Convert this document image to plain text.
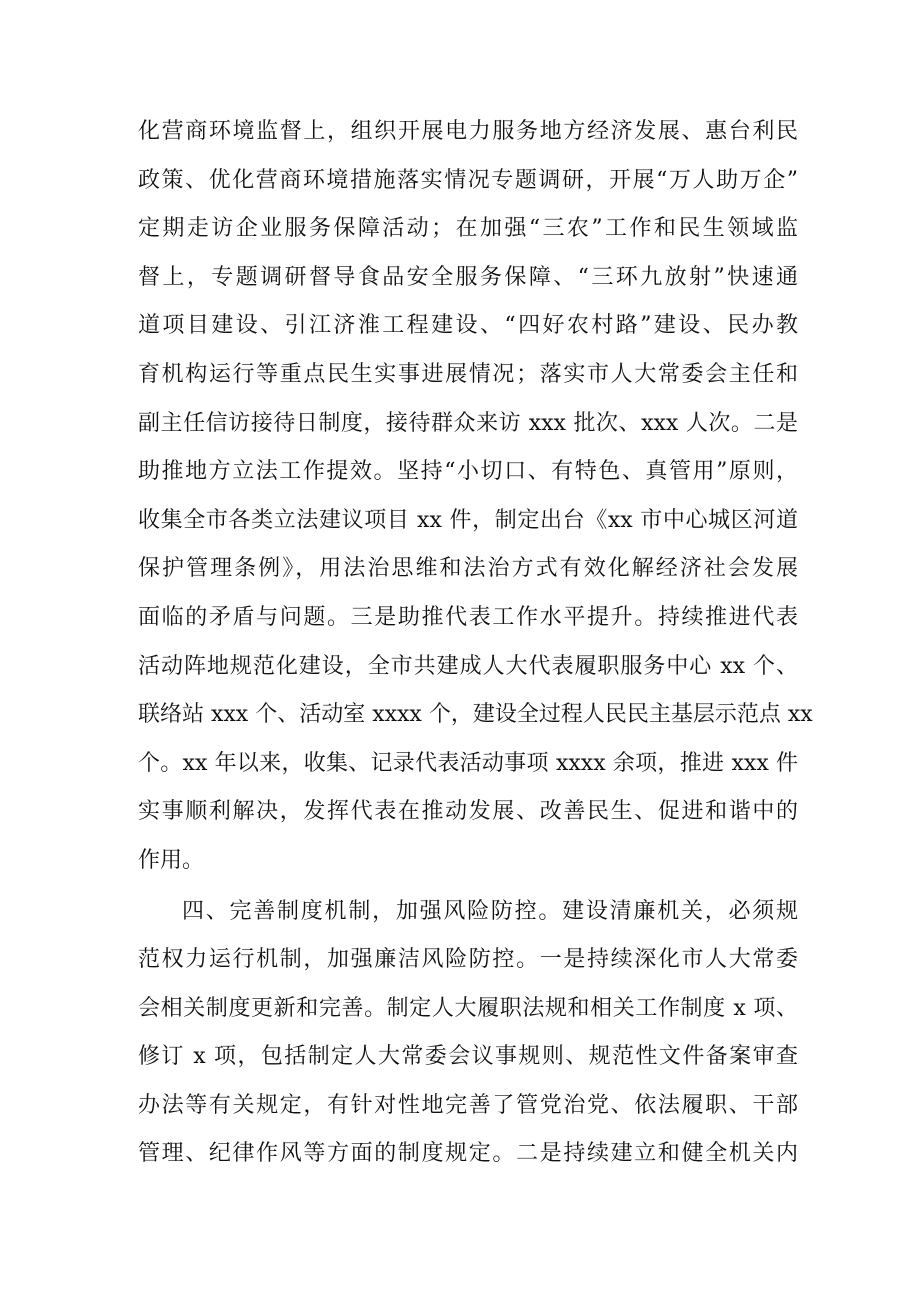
化营商环境监督上，组织开展电力服务地方经济发展、惠台利民
政策、优化营商环境措施落实情况专题调研，开展“万人助万企”
定期走访企业服务保障活动；在加强“三农”工作和民生领域监
督上，专题调研督导食品安全服务保障、“三环九放射”快速通
道项目建设、引江济淮工程建设、“四好农村路”建设、民办教
育机构运行等重点民生实事进展情况；落实市人大常委会主任和
副主任信访接待日制度，接待群众来访 xxx 批次、xxx 人次。二是
助推地方立法工作提效。坚持“小切口、有特色、真管用”原则，
收集全市各类立法建议项目 xx 件，制定出台《xx 市中心城区河道
保护管理条例》，用法治思维和法治方式有效化解经济社会发展
面临的矛盾与问题。三是助推代表工作水平提升。持续推进代表
活动阵地规范化建设，全市共建成人大代表履职服务中心 xx 个、
联络站 xxx 个、活动室 xxxx 个，建设全过程人民民主基层示范点 xx
个。xx 年以来，收集、记录代表活动事项 xxxx 余项，推进 xxx 件
实事顺利解决，发挥代表在推动发展、改善民生、促进和谐中的
作用。
四、完善制度机制，加强风险防控。建设清廉机关，必须规
范权力运行机制，加强廉洁风险防控。一是持续深化市人大常委
会相关制度更新和完善。制定人大履职法规和相关工作制度 x 项、
修订 x 项，包括制定人大常委会议事规则、规范性文件备案审查
办法等有关规定，有针对性地完善了管党治党、依法履职、干部
管理、纪律作风等方面的制度规定。二是持续建立和健全机关内
